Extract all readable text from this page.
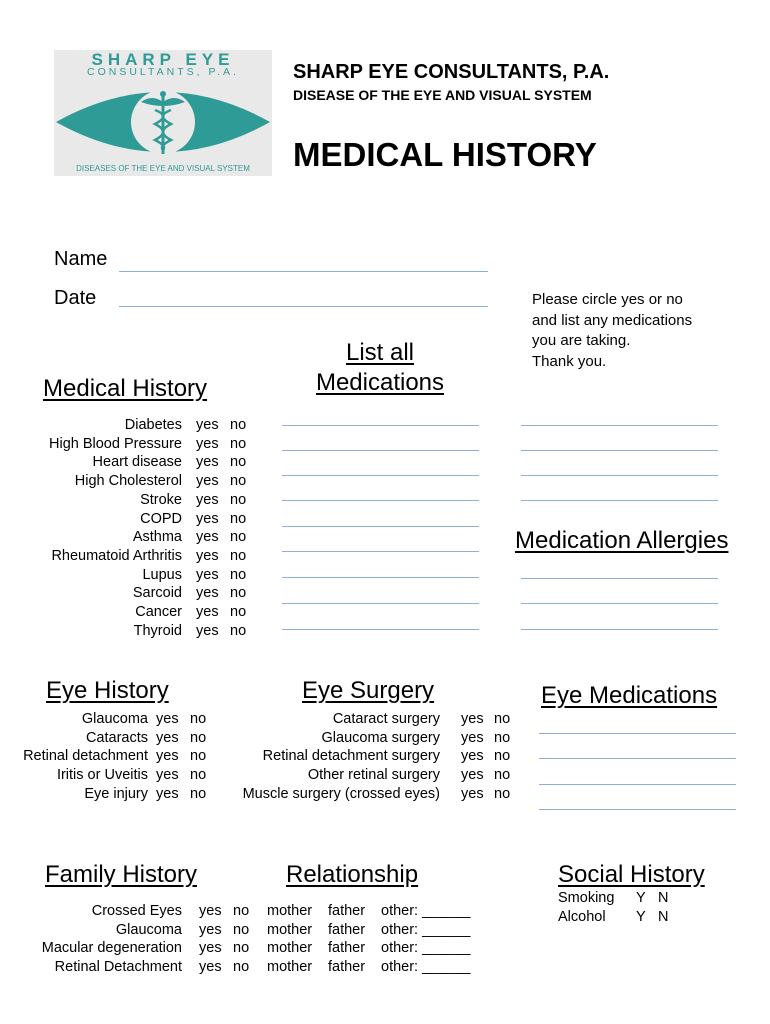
SHARP EYE
CONSULTANTS, P.A.
DISEASES OF THE EYE AND VISUAL SYSTEM
SHARP EYE CONSULTANTS, P.A.
DISEASE OF THE EYE AND VISUAL SYSTEM
MEDICAL HISTORY
Name
Date	Please circle yes or no
and list any medications
you are taking.
Thank you.
Medical History
List all
Medications
Medication Allergies
Diabetes yes no
High Blood Pressure yes no
Heart disease yes no
High Cholesterol yes no
Stroke yes no
COPD yes no
Asthma yes no
Rheumatoid Arthritis yes no
Lupus yes no
Sarcoid yes no
Cancer yes no
Thyroid yes no
Eye History	Eye Surgery	Eye Medications
Glaucoma yes no
Cataracts yes no
Retinal detachment yes no
Iritis or Uveitis yes no
Eye injury yes no
Cataract surgery yes no
Glaucoma surgery yes no
Retinal detachment surgery yes no
Other retinal surgery yes no
Muscle surgery (crossed eyes) yes no
Family History	Relationship	Social History
Crossed Eyes yes no mother father other: ______
Glaucoma yes no mother father other: ______
Macular degeneration yes no mother father other: ______
Retinal Detachment yes no mother father other: ______
Smoking Y N
Alcohol Y N
